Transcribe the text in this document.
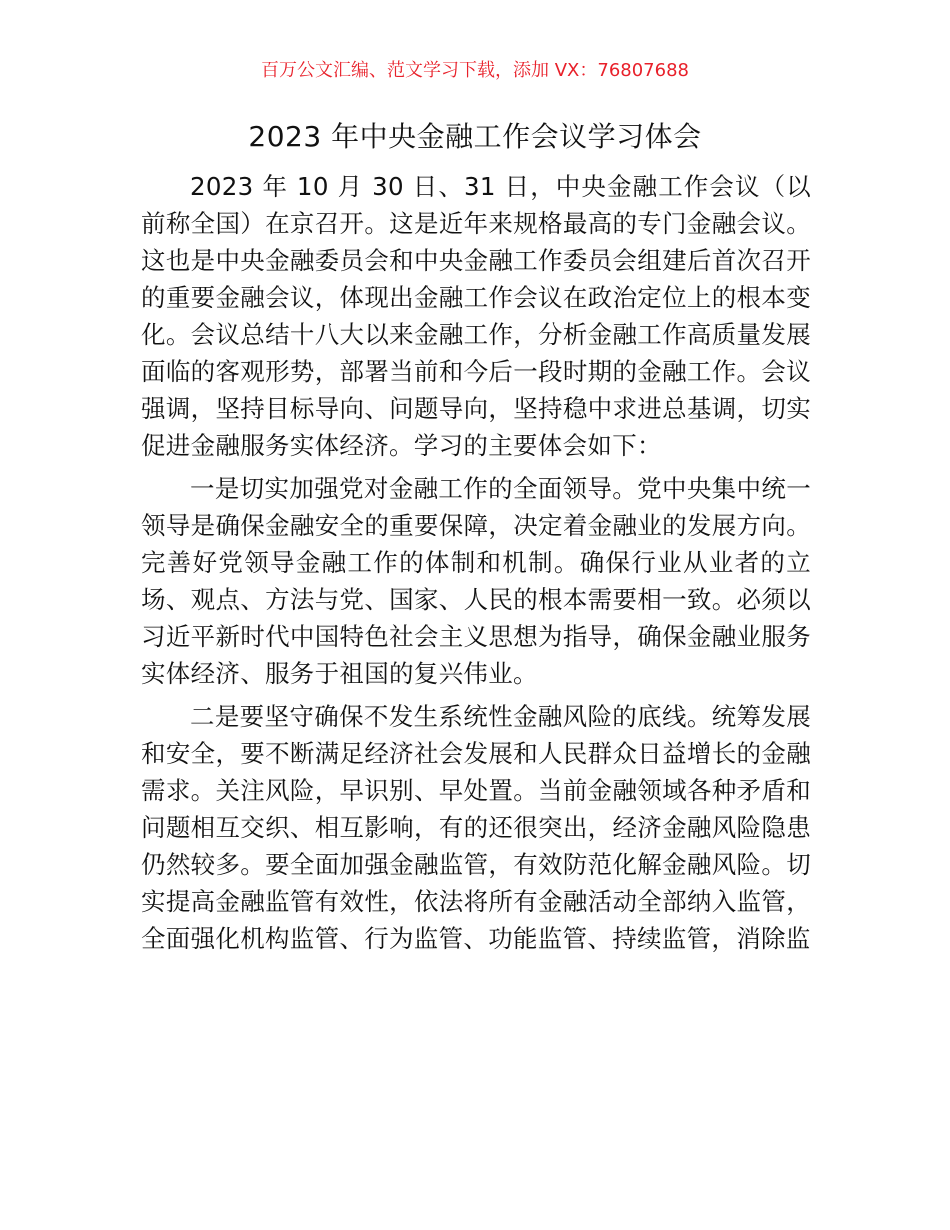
百万公文汇编、范文学习下载，添加 VX：76807688
2023 年中央金融工作会议学习体会

2023 年 10 月 30 日、31 日，中央金融工作会议（以前称全国）在京召开。这是近年来规格最高的专门金融会议。这也是中央金融委员会和中央金融工作委员会组建后首次召开的重要金融会议，体现出金融工作会议在政治定位上的根本变化。会议总结十八大以来金融工作，分析金融工作高质量发展面临的客观形势，部署当前和今后一段时期的金融工作。会议强调，坚持目标导向、问题导向，坚持稳中求进总基调，切实促进金融服务实体经济。学习的主要体会如下：

一是切实加强党对金融工作的全面领导。党中央集中统一领导是确保金融安全的重要保障，决定着金融业的发展方向。完善好党领导金融工作的体制和机制。确保行业从业者的立场、观点、方法与党、国家、人民的根本需要相一致。必须以习近平新时代中国特色社会主义思想为指导，确保金融业服务实体经济、服务于祖国的复兴伟业。

二是要坚守确保不发生系统性金融风险的底线。统筹发展和安全，要不断满足经济社会发展和人民群众日益增长的金融需求。关注风险，早识别、早处置。当前金融领域各种矛盾和问题相互交织、相互影响，有的还很突出，经济金融风险隐患仍然较多。要全面加强金融监管，有效防范化解金融风险。切实提高金融监管有效性，依法将所有金融活动全部纳入监管，全面强化机构监管、行为监管、功能监管、持续监管，消除监
